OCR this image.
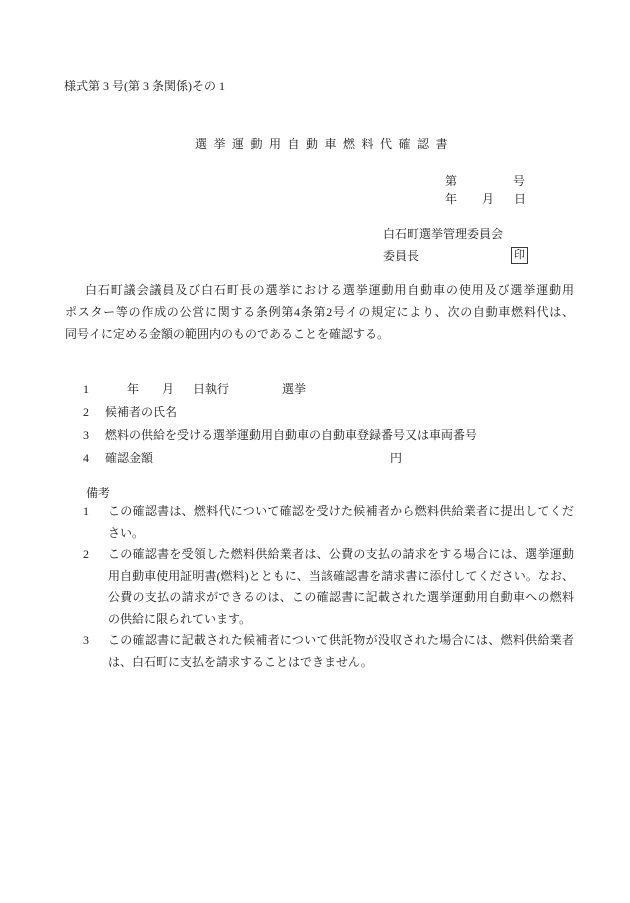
様式第 3 号(第 3 条関係)その 1
選挙運動用自動車燃料代確認書
第	号
年 月 日
白石町選挙管理委員会
委員長	印
白石町議会議員及び白石町長の選挙における選挙運動用自動車の使用及び選挙運動用
ポスター等の作成の公営に関する条例第4条第2号イの規定により、次の自動車燃料代は、
同号イに定める金額の範囲内のものであることを確認する。
1	年 月 日執行	選挙
2 候補者の氏名
3 燃料の供給を受ける選挙運動用自動車の自動車登録番号又は車両番号
4 確認金額	円
備考
1 この確認書は、燃料代について確認を受けた候補者から燃料供給業者に提出してくだ
さい。
2 この確認書を受領した燃料供給業者は、公費の支払の請求をする場合には、選挙運動
用自動車使用証明書(燃料)とともに、当該確認書を請求書に添付してください。なお、
公費の支払の請求ができるのは、この確認書に記載された選挙運動用自動車への燃料
の供給に限られています。
3 この確認書に記載された候補者について供託物が没収された場合には、燃料供給業者
は、白石町に支払を請求することはできません。
